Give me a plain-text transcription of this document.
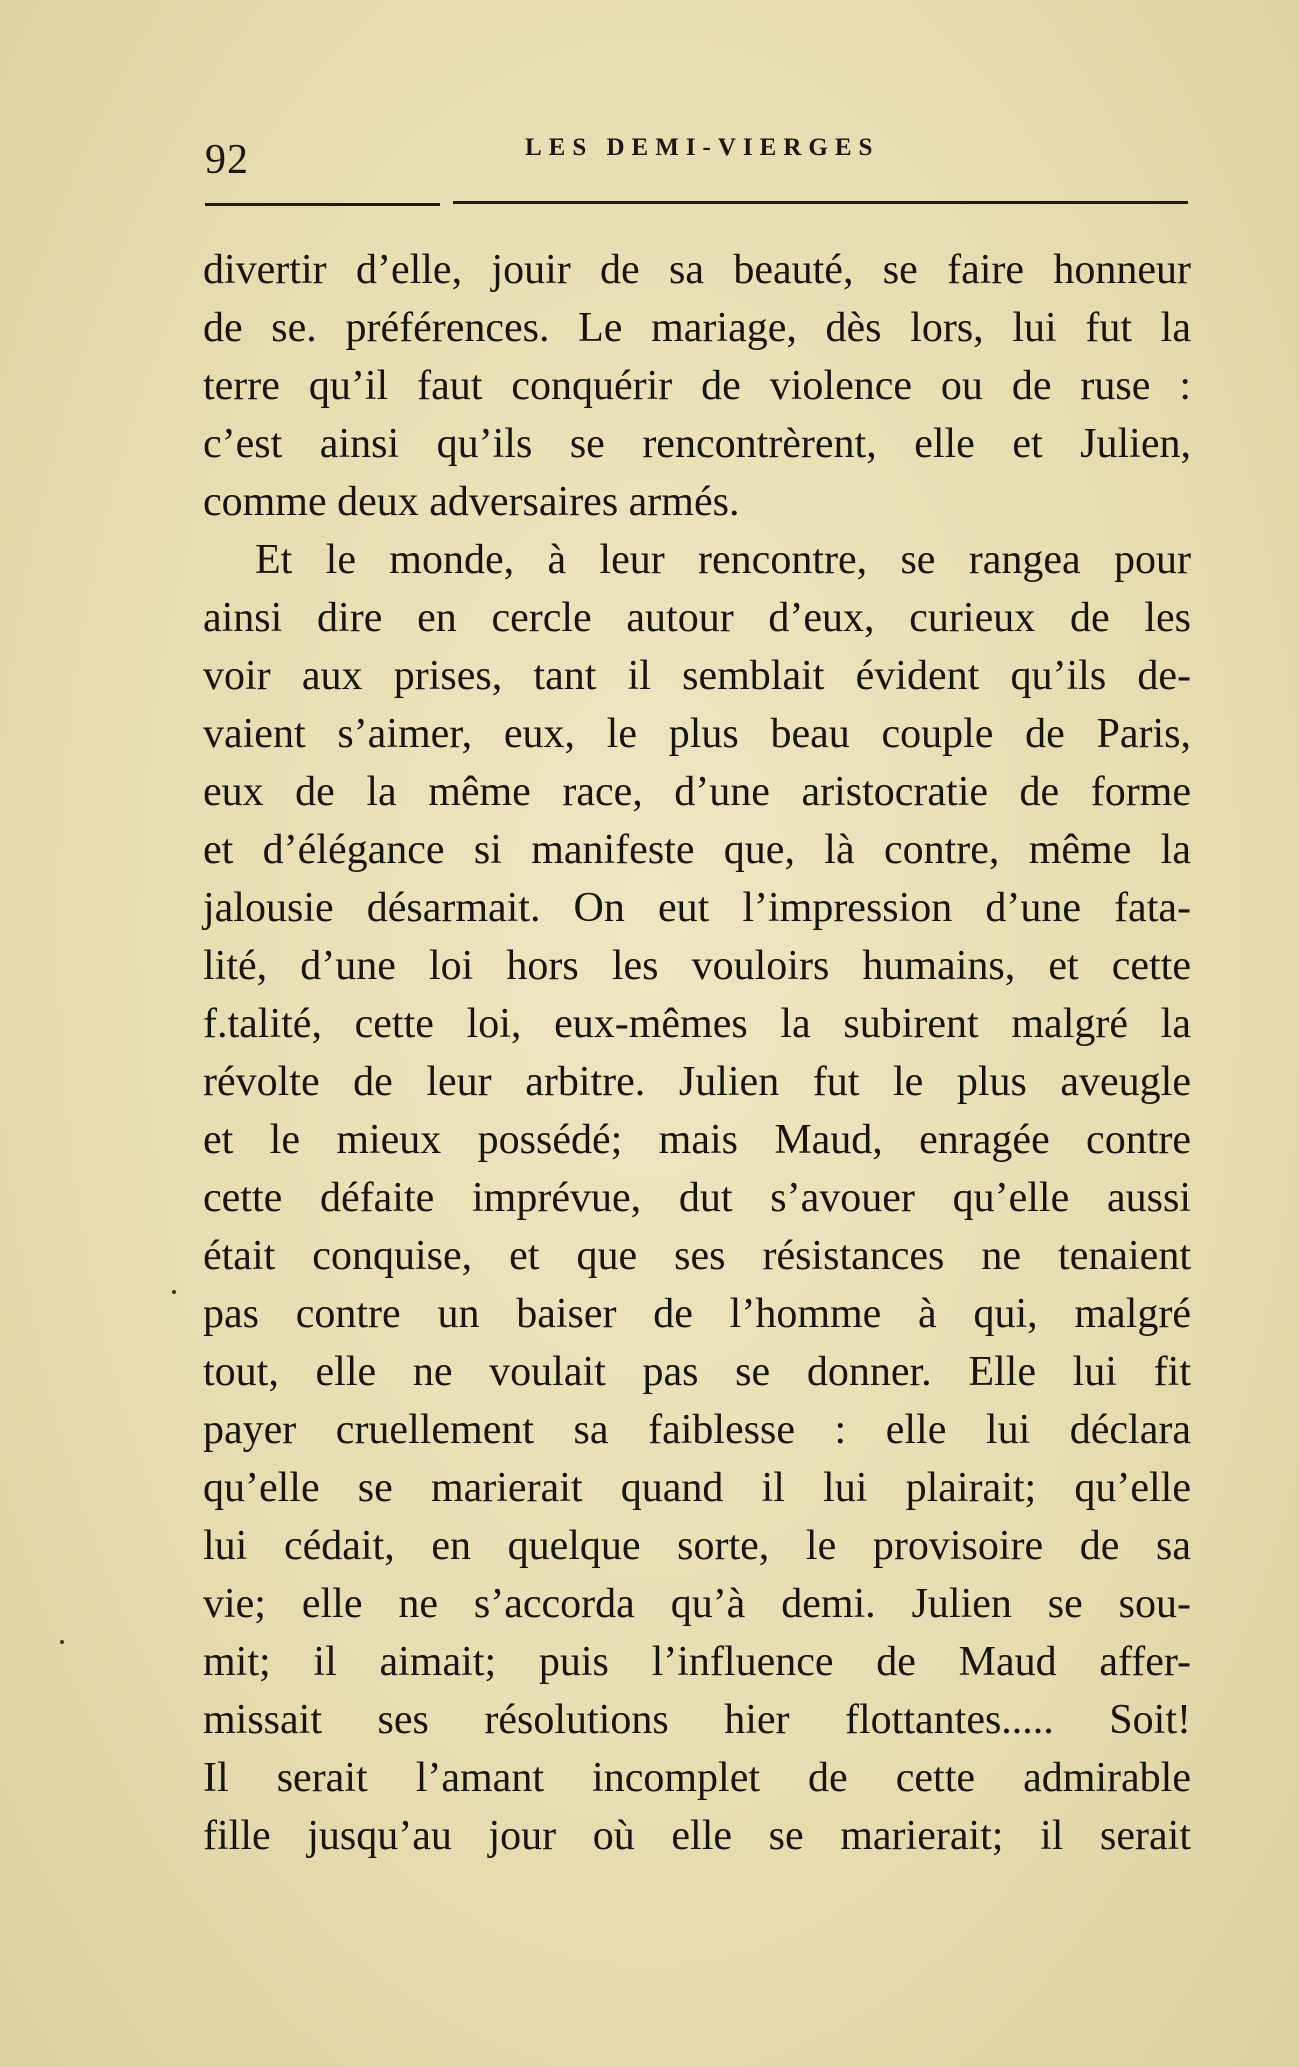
92	LES DEMI-VIERGES
divertir d’elle, jouir de sa beauté, se faire honneur
de se. préférences. Le mariage, dès lors, lui fut la
terre qu’il faut conquérir de violence ou de ruse :
c’est ainsi qu’ils se rencontrèrent, elle et Julien,
comme deux adversaires armés.
Et le monde, à leur rencontre, se rangea pour
ainsi dire en cercle autour d’eux, curieux de les
voir aux prises, tant il semblait évident qu’ils de-
vaient s’aimer, eux, le plus beau couple de Paris,
eux de la même race, d’une aristocratie de forme
et d’élégance si manifeste que, là contre, même la
jalousie désarmait. On eut l’impression d’une fata-
lité, d’une loi hors les vouloirs humains, et cette
f.talité, cette loi, eux-mêmes la subirent malgré la
révolte de leur arbitre. Julien fut le plus aveugle
et le mieux possédé; mais Maud, enragée contre
cette défaite imprévue, dut s’avouer qu’elle aussi
était conquise, et que ses résistances ne tenaient
pas contre un baiser de l’homme à qui, malgré
tout, elle ne voulait pas se donner. Elle lui fit
payer cruellement sa faiblesse : elle lui déclara
qu’elle se marierait quand il lui plairait; qu’elle
lui cédait, en quelque sorte, le provisoire de sa
vie; elle ne s’accorda qu’à demi. Julien se sou-
mit; il aimait; puis l’influence de Maud affer-
missait ses résolutions hier flottantes..... Soit!
Il serait l’amant incomplet de cette admirable
fille jusqu’au jour où elle se marierait; il serait
